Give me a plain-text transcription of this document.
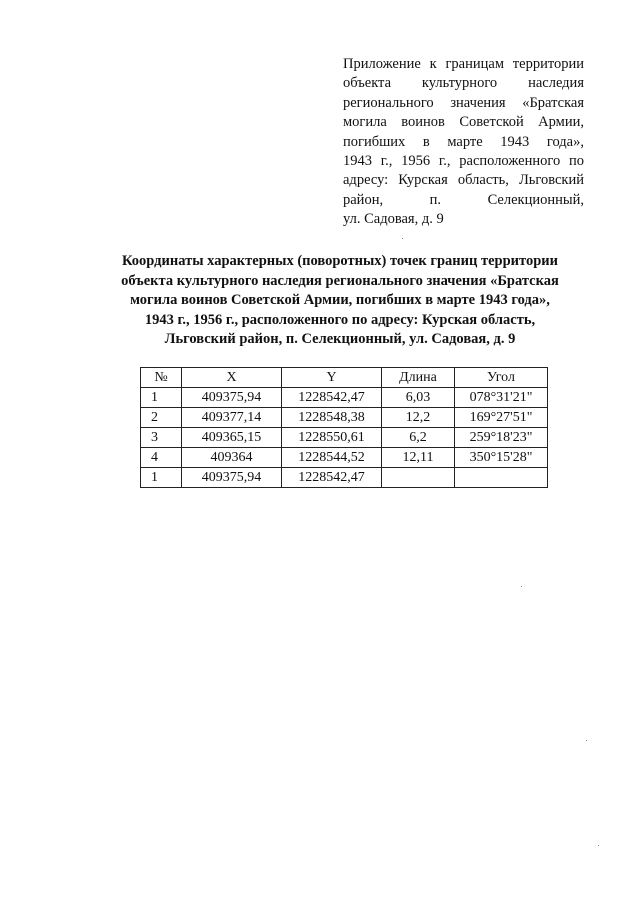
Приложение к границам территории
объекта культурного наследия
регионального значения «Братская
могила воинов Советской Армии,
погибших в марте 1943 года»,
1943 г., 1956 г., расположенного по
адресу: Курская область, Льговский
район, п. Селекционный,
ул. Садовая, д. 9
Координаты характерных (поворотных) точек границ территории
объекта культурного наследия регионального значения «Братская
могила воинов Советской Армии, погибших в марте 1943 года»,
1943 г., 1956 г., расположенного по адресу: Курская область,
Льговский район, п. Селекционный, ул. Садовая, д. 9
№	X	Y	Длина	Угол
1	409375,94	1228542,47	6,03	078°31'21"
2	409377,14	1228548,38	12,2	169°27'51"
3	409365,15	1228550,61	6,2	259°18'23"
4	409364	1228544,52	12,11	350°15'28"
1	409375,94	1228542,47		
